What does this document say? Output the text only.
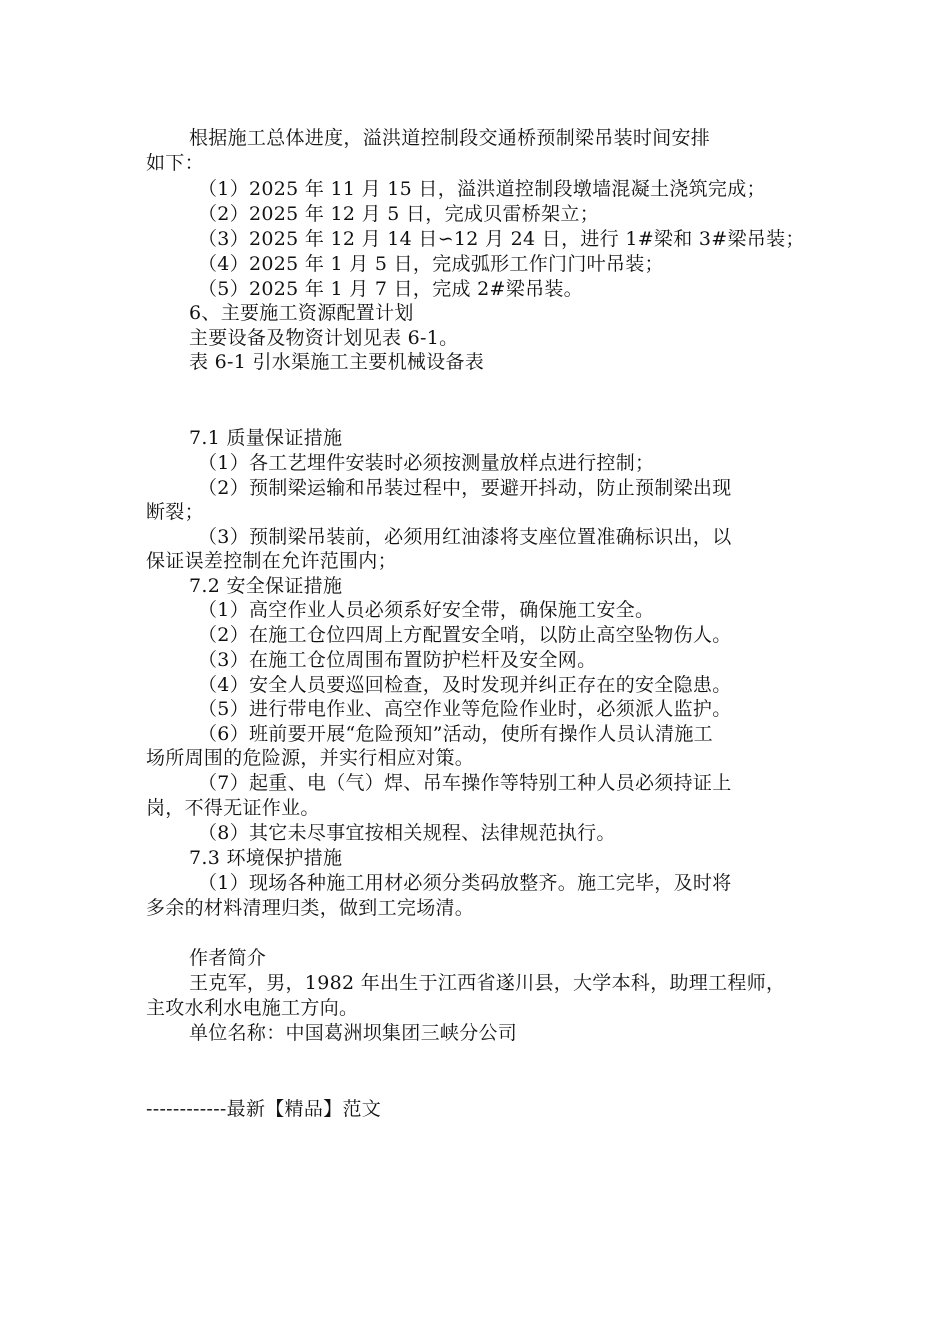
根据施工总体进度，溢洪道控制段交通桥预制梁吊装时间安排
如下：
（1）2025 年 11 月 15 日，溢洪道控制段墩墙混凝土浇筑完成；
（2）2025 年 12 月 5 日，完成贝雷桥架立；
（3）2025 年 12 月 14 日∽12 月 24 日，进行 1#梁和 3#梁吊装；
（4）2025 年 1 月 5 日，完成弧形工作门门叶吊装；
（5）2025 年 1 月 7 日，完成 2#梁吊装。
6、主要施工资源配置计划
主要设备及物资计划见表 6-1。
表 6-1 引水渠施工主要机械设备表
7.1 质量保证措施
（1）各工艺埋件安装时必须按测量放样点进行控制；
（2）预制梁运输和吊装过程中，要避开抖动，防止预制梁出现
断裂；
（3）预制梁吊装前，必须用红油漆将支座位置准确标识出，以
保证误差控制在允许范围内；
7.2 安全保证措施
（1）高空作业人员必须系好安全带，确保施工安全。
（2）在施工仓位四周上方配置安全哨，以防止高空坠物伤人。
（3）在施工仓位周围布置防护栏杆及安全网。
（4）安全人员要巡回检查，及时发现并纠正存在的安全隐患。
（5）进行带电作业、高空作业等危险作业时，必须派人监护。
（6）班前要开展“危险预知”活动，使所有操作人员认清施工
场所周围的危险源，并实行相应对策。
（7）起重、电（气）焊、吊车操作等特别工种人员必须持证上
岗，不得无证作业。
（8）其它未尽事宜按相关规程、法律规范执行。
7.3 环境保护措施
（1）现场各种施工用材必须分类码放整齐。施工完毕，及时将
多余的材料清理归类，做到工完场清。
作者简介
王克军，男，1982 年出生于江西省遂川县，大学本科，助理工程师，
主攻水利水电施工方向。
单位名称：中国葛洲坝集团三峡分公司
------------最新【精品】范文
